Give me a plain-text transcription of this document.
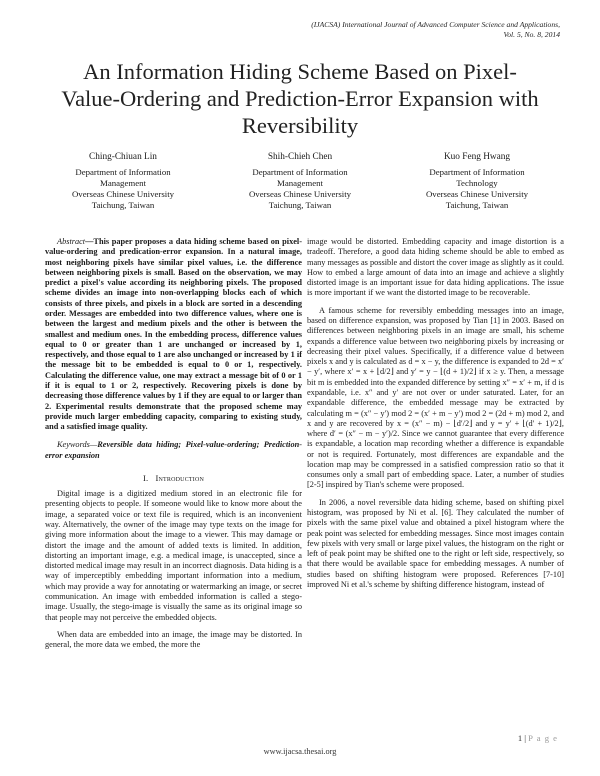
(IJACSA) International Journal of Advanced Computer Science and Applications,
Vol. 5, No. 8, 2014
An Information Hiding Scheme Based on Pixel-
Value-Ordering and Prediction-Error Expansion with
Reversibility
Ching-Chiuan Lin
Department of Information
Management
Overseas Chinese University
Taichung, Taiwan
Shih-Chieh Chen
Department of Information
Management
Overseas Chinese University
Taichung, Taiwan
Kuo Feng Hwang
Department of Information
Technology
Overseas Chinese University
Taichung, Taiwan

Abstract—This paper proposes a data hiding scheme based on pixel-value-ordering and predication-error expansion. In a natural image, most neighboring pixels have similar pixel values, i.e. the difference between neighboring pixels is small. Based on the observation, we may predict a pixel's value according its neighboring pixels. The proposed scheme divides an image into non-overlapping blocks each of which consists of three pixels, and pixels in a block are sorted in a descending order. Messages are embedded into two difference values, where one is between the largest and medium pixels and the other is between the smallest and medium ones. In the embedding process, difference values equal to 0 or greater than 1 are unchanged or increased by 1, respectively, and those equal to 1 are also unchanged or increased by 1 if the message bit to be embedded is equal to 0 or 1, respectively. Calculating the difference value, one may extract a message bit of 0 or 1 if it is equal to 1 or 2, respectively. Recovering pixels is done by decreasing those difference values by 1 if they are equal to or larger than 2. Experimental results demonstrate that the proposed scheme may provide much larger embedding capacity, comparing to existing study, and a satisfied image quality.

Keywords—Reversible data hiding; Pixel-value-ordering; Prediction-error expansion

I. Introduction

Digital image is a digitized medium stored in an electronic file for presenting objects to people. If someone would like to know more about the image, a separated voice or text file is required, which is an inconvenient way. Alternatively, the owner of the image may type texts on the image for giving more information about the image to a viewer. This may damage or distort the image and the amount of added texts is limited. In addition, distorting an important image, e.g. a medical image, is unaccepted, since a distorted medical image may result in an incorrect diagnosis. Data hiding is a way of imperceptibly embedding important information into a medium, which may provide a way for annotating or watermarking an image, or secret communication. An image with embedded information is called a stego-image. Usually, the stego-image is visually the same as its original image so that people may not perceive the embedded objects.

When data are embedded into an image, the image may be distorted. In general, the more data we embed, the more the

image would be distorted. Embedding capacity and image distortion is a tradeoff. Therefore, a good data hiding scheme should be able to embed as many messages as possible and distort the cover image as slightly as it could. How to embed a large amount of data into an image and achieve a slightly distorted image is an important issue for data hiding applications. The issue is more important if we want the distorted image to be recoverable.

A famous scheme for reversibly embedding messages into an image, based on difference expansion, was proposed by Tian [1] in 2003. Based on differences between neighboring pixels in an image are small, his scheme expands a difference value between two neighboring pixels by increasing or decreasing their pixel values. Specifically, if a difference value d between pixels x and y is calculated as d = x − y, the difference is expanded to 2d = x′ − y′, where x′ = x + ⌊d/2⌋ and y′ = y − ⌊(d + 1)/2⌋ if x ≥ y. Then, a message bit m is embedded into the expanded difference by setting x″ = x′ + m, if d is expandable, i.e. x″ and y′ are not over or under saturated. Later, for an expandable difference, the embedded message may be extracted by calculating m = (x″ − y′) mod 2 = (x′ + m − y′) mod 2 = (2d + m) mod 2, and x and y are recovered by x = (x″ − m) − ⌊d′/2⌋ and y = y′ + ⌊(d′ + 1)/2⌋, where d′ = (x″ − m − y′)/2. Since we cannot guarantee that every difference is expandable, a location map recording whether a difference is expandable or not is required. Fortunately, most differences are expandable and the location map may be compressed in a satisfied compression ratio so that it consumes only a small part of embedding space. Later, a number of studies [2-5] inspired by Tian's scheme were proposed.

In 2006, a novel reversible data hiding scheme, based on shifting pixel histogram, was proposed by Ni et al. [6]. They calculated the number of pixels with the same pixel value and obtained a pixel histogram where the peak point was selected for embedding messages. Since most images contain few pixels with very small or large pixel values, the histogram on the right or left of peak point may be shifted one to the right or left side, respectively, so that there would be available space for embedding messages. A number of studies based on shifting histogram were proposed. References [7-10] improved Ni et al.'s scheme by shifting difference histogram, instead of

1 | P a g e
www.ijacsa.thesai.org
